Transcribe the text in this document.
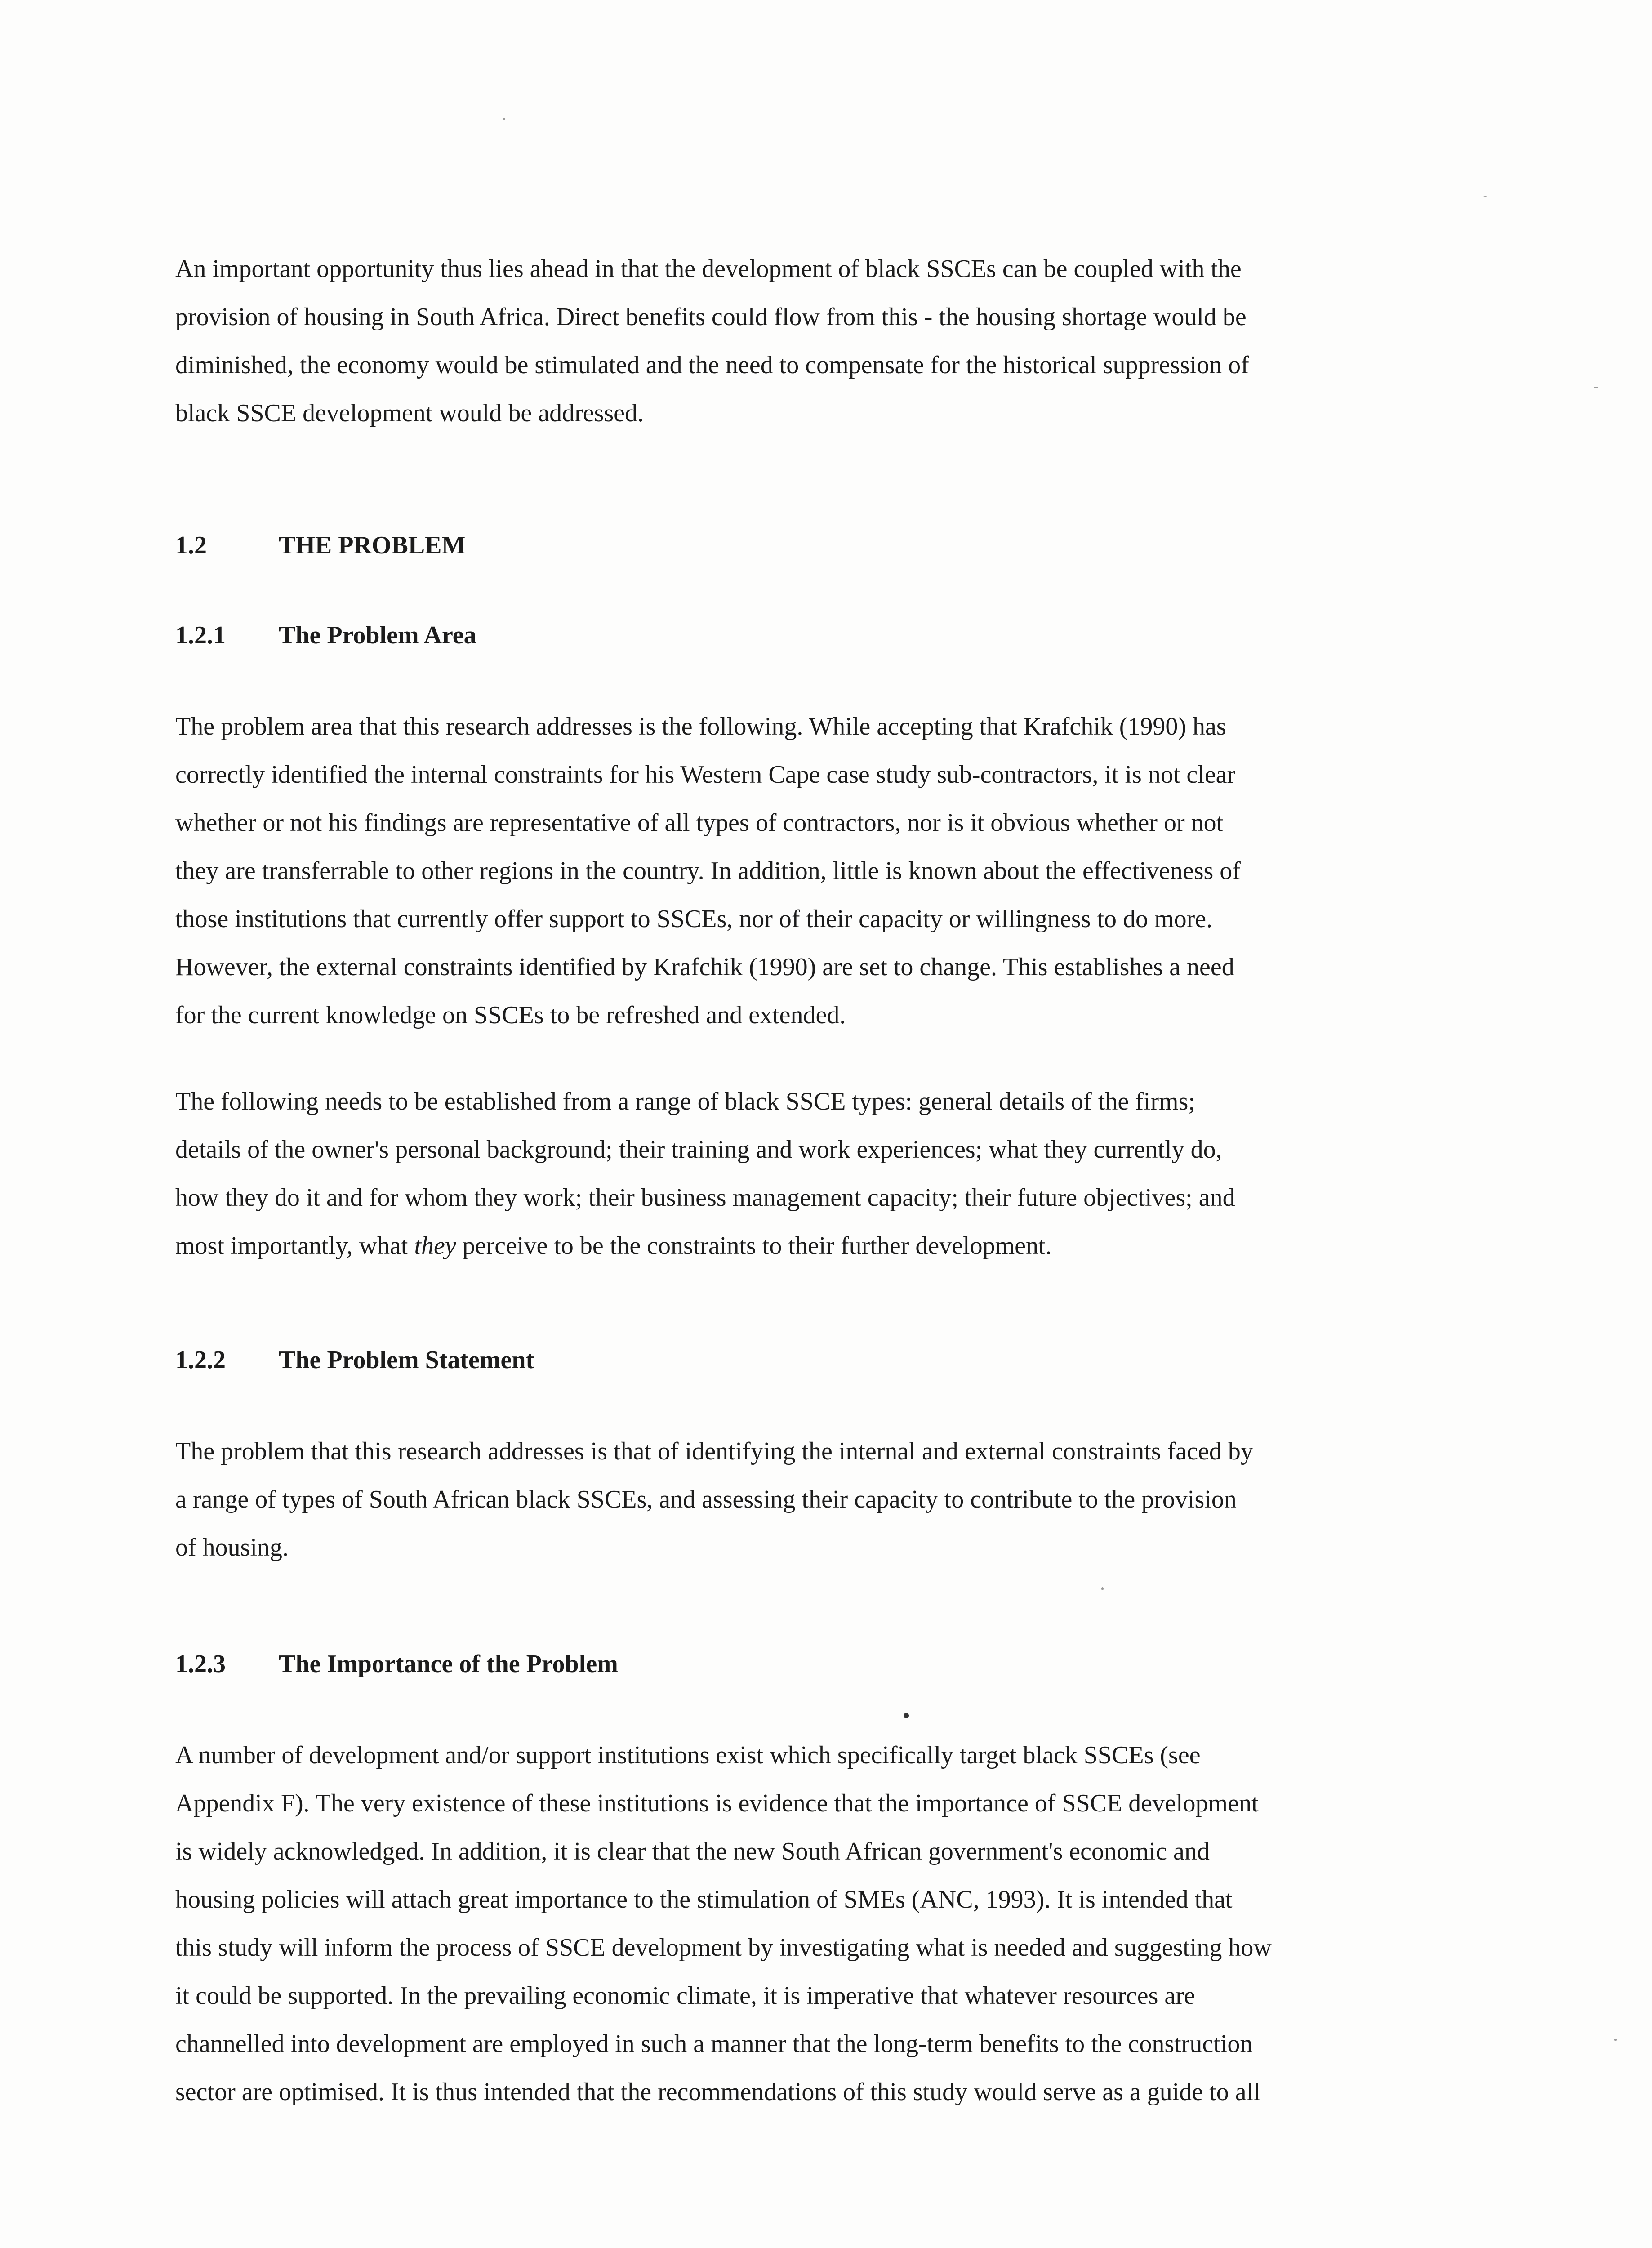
An important opportunity thus lies ahead in that the development of black SSCEs can be coupled with the
provision of housing in South Africa. Direct benefits could flow from this - the housing shortage would be
diminished, the economy would be stimulated and the need to compensate for the historical suppression of
black SSCE development would be addressed.

1.2	THE PROBLEM
1.2.1 The Problem Area

The problem area that this research addresses is the following. While accepting that Krafchik (1990) has
correctly identified the internal constraints for his Western Cape case study sub-contractors, it is not clear
whether or not his findings are representative of all types of contractors, nor is it obvious whether or not
they are transferrable to other regions in the country. In addition, little is known about the effectiveness of
those institutions that currently offer support to SSCEs, nor of their capacity or willingness to do more.
However, the external constraints identified by Krafchik (1990) are set to change. This establishes a need
for the current knowledge on SSCEs to be refreshed and extended.

The following needs to be established from a range of black SSCE types: general details of the firms;
details of the owner's personal background; their training and work experiences; what they currently do,
how they do it and for whom they work; their business management capacity; their future objectives; and
most importantly, what they perceive to be the constraints to their further development.

1.2.2 The Problem Statement

The problem that this research addresses is that of identifying the internal and external constraints faced by
a range of types of South African black SSCEs, and assessing their capacity to contribute to the provision
of housing.

1.2.3 The Importance of the Problem

A number of development and/or support institutions exist which specifically target black SSCEs (see
Appendix F). The very existence of these institutions is evidence that the importance of SSCE development
is widely acknowledged. In addition, it is clear that the new South African government's economic and
housing policies will attach great importance to the stimulation of SMEs (ANC, 1993). It is intended that
this study will inform the process of SSCE development by investigating what is needed and suggesting how
it could be supported. In the prevailing economic climate, it is imperative that whatever resources are
channelled into development are employed in such a manner that the long-term benefits to the construction
sector are optimised. It is thus intended that the recommendations of this study would serve as a guide to all
